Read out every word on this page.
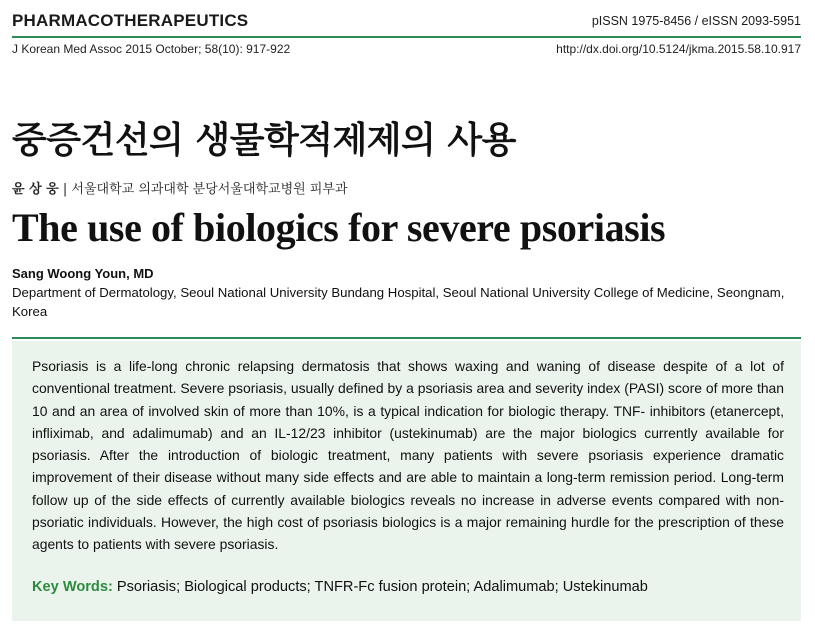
PHARMACOTHERAPEUTICS	pISSN 1975-8456 / eISSN 2093-5951
J Korean Med Assoc 2015 October; 58(10): 917-922	http://dx.doi.org/10.5124/jkma.2015.58.10.917
중증건선의 생물학적제제의 사용
윤 상 웅 | 서울대학교 의과대학 분당서울대학교병원 피부과
The use of biologics for severe psoriasis
Sang Woong Youn, MD
Department of Dermatology, Seoul National University Bundang Hospital, Seoul National University College of Medicine, Seongnam, Korea
Psoriasis is a life-long chronic relapsing dermatosis that shows waxing and waning of disease despite of a lot of conventional treatment. Severe psoriasis, usually defined by a psoriasis area and severity index (PASI) score of more than 10 and an area of involved skin of more than 10%, is a typical indication for biologic therapy. TNF- inhibitors (etanercept, infliximab, and adalimumab) and an IL-12/23 inhibitor (ustekinumab) are the major biologics currently available for psoriasis. After the introduction of biologic treatment, many patients with severe psoriasis experience dramatic improvement of their disease without many side effects and are able to maintain a long-term remission period. Long-term follow up of the side effects of currently available biologics reveals no increase in adverse events compared with non-psoriatic individuals. However, the high cost of psoriasis biologics is a major remaining hurdle for the prescription of these agents to patients with severe psoriasis.
Key Words: Psoriasis; Biological products; TNFR-Fc fusion protein; Adalimumab; Ustekinumab
